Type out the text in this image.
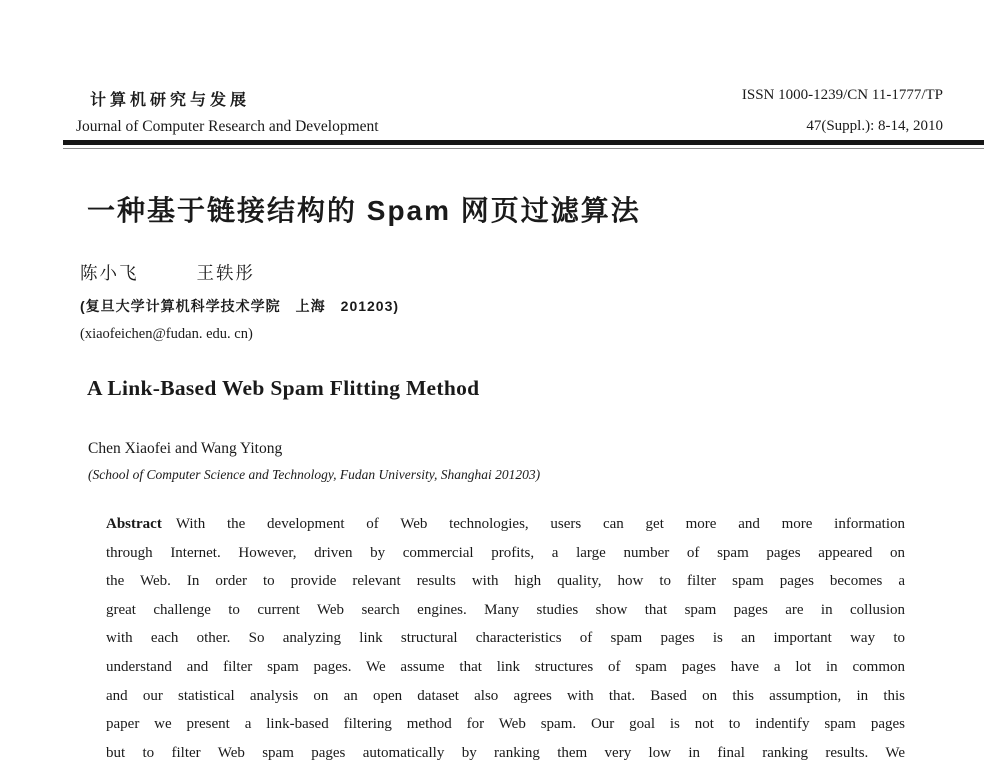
计算机研究与发展
Journal of Computer Research and Development
ISSN 1000-1239/CN 11-1777/TP
47(Suppl.): 8-14, 2010
一种基于链接结构的 Spam 网页过滤算法
陈小飞	王轶彤
(复旦大学计算机科学技术学院　上海　201203)
(xiaofeichen@fudan. edu. cn)
A Link-Based Web Spam Flitting Method
Chen Xiaofei and Wang Yitong
(School of Computer Science and Technology, Fudan University, Shanghai 201203)
Abstract With the development of Web technologies, users can get more and more information
through Internet. However, driven by commercial profits, a large number of spam pages appeared on
the Web. In order to provide relevant results with high quality, how to filter spam pages becomes a
great challenge to current Web search engines. Many studies show that spam pages are in collusion
with each other. So analyzing link structural characteristics of spam pages is an important way to
understand and filter spam pages. We assume that link structures of spam pages have a lot in common
and our statistical analysis on an open dataset also agrees with that. Based on this assumption, in this
paper we present a link-based filtering method for Web spam. Our goal is not to indentify spam pages
but to filter Web spam pages automatically by ranking them very low in final ranking results. We
